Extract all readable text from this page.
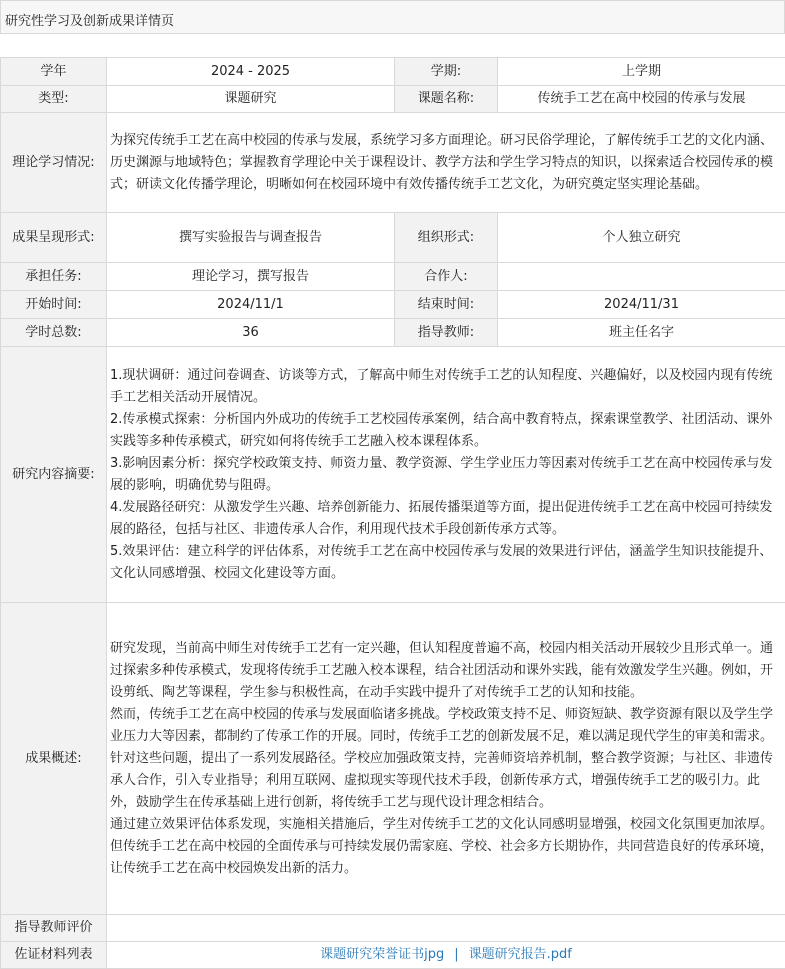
研究性学习及创新成果详情页
学年	2024 - 2025	学期:	上学期
类型:	课题研究	课题名称:	传统手工艺在高中校园的传承与发展
理论学习情况:	为探究传统手工艺在高中校园的传承与发展，系统学习多方面理论。研习民俗学理论，了解传统手工艺的文化内涵、历史渊源与地域特色；掌握教育学理论中关于课程设计、教学方法和学生学习特点的知识，以探索适合校园传承的模式；研读文化传播学理论，明晰如何在校园环境中有效传播传统手工艺文化，为研究奠定坚实理论基础。		
成果呈现形式:	撰写实验报告与调查报告	组织形式:	个人独立研究
承担任务:	理论学习，撰写报告	合作人:	
开始时间:	2024/11/1	结束时间:	2024/11/31
学时总数:	36	指导教师:	班主任名字
研究内容摘要:	1.现状调研：通过问卷调查、访谈等方式，了解高中师生对传统手工艺的认知程度、兴趣偏好，以及校园内现有传统手工艺相关活动开展情况。
2.传承模式探索：分析国内外成功的传统手工艺校园传承案例，结合高中教育特点，探索课堂教学、社团活动、课外实践等多种传承模式，研究如何将传统手工艺融入校本课程体系。
3.影响因素分析：探究学校政策支持、师资力量、教学资源、学生学业压力等因素对传统手工艺在高中校园传承与发展的影响，明确优势与阻碍。
4.发展路径研究：从激发学生兴趣、培养创新能力、拓展传播渠道等方面，提出促进传统手工艺在高中校园可持续发展的路径，包括与社区、非遗传承人合作，利用现代技术手段创新传承方式等。
5.效果评估：建立科学的评估体系，对传统手工艺在高中校园传承与发展的效果进行评估，涵盖学生知识技能提升、文化认同感增强、校园文化建设等方面。		

成果概述:	研究发现，当前高中师生对传统手工艺有一定兴趣，但认知程度普遍不高，校园内相关活动开展较少且形式单一。通过探索多种传承模式，发现将传统手工艺融入校本课程，结合社团活动和课外实践，能有效激发学生兴趣。例如，开设剪纸、陶艺等课程，学生参与积极性高，在动手实践中提升了对传统手工艺的认知和技能。
然而，传统手工艺在高中校园的传承与发展面临诸多挑战。学校政策支持不足、师资短缺、教学资源有限以及学生学业压力大等因素，都制约了传承工作的开展。同时，传统手工艺的创新发展不足，难以满足现代学生的审美和需求。
针对这些问题，提出了一系列发展路径。学校应加强政策支持，完善师资培养机制，整合教学资源；与社区、非遗传承人合作，引入专业指导；利用互联网、虚拟现实等现代技术手段，创新传承方式，增强传统手工艺的吸引力。此外，鼓励学生在传承基础上进行创新，将传统手工艺与现代设计理念相结合。
通过建立效果评估体系发现，实施相关措施后，学生对传统手工艺的文化认同感明显增强，校园文化氛围更加浓厚。但传统手工艺在高中校园的全面传承与可持续发展仍需家庭、学校、社会多方长期协作，共同营造良好的传承环境，让传统手工艺在高中校园焕发出新的活力。		

指导教师评价			
佐证材料列表	课题研究荣誉证书jpg | 课题研究报告.pdf		
